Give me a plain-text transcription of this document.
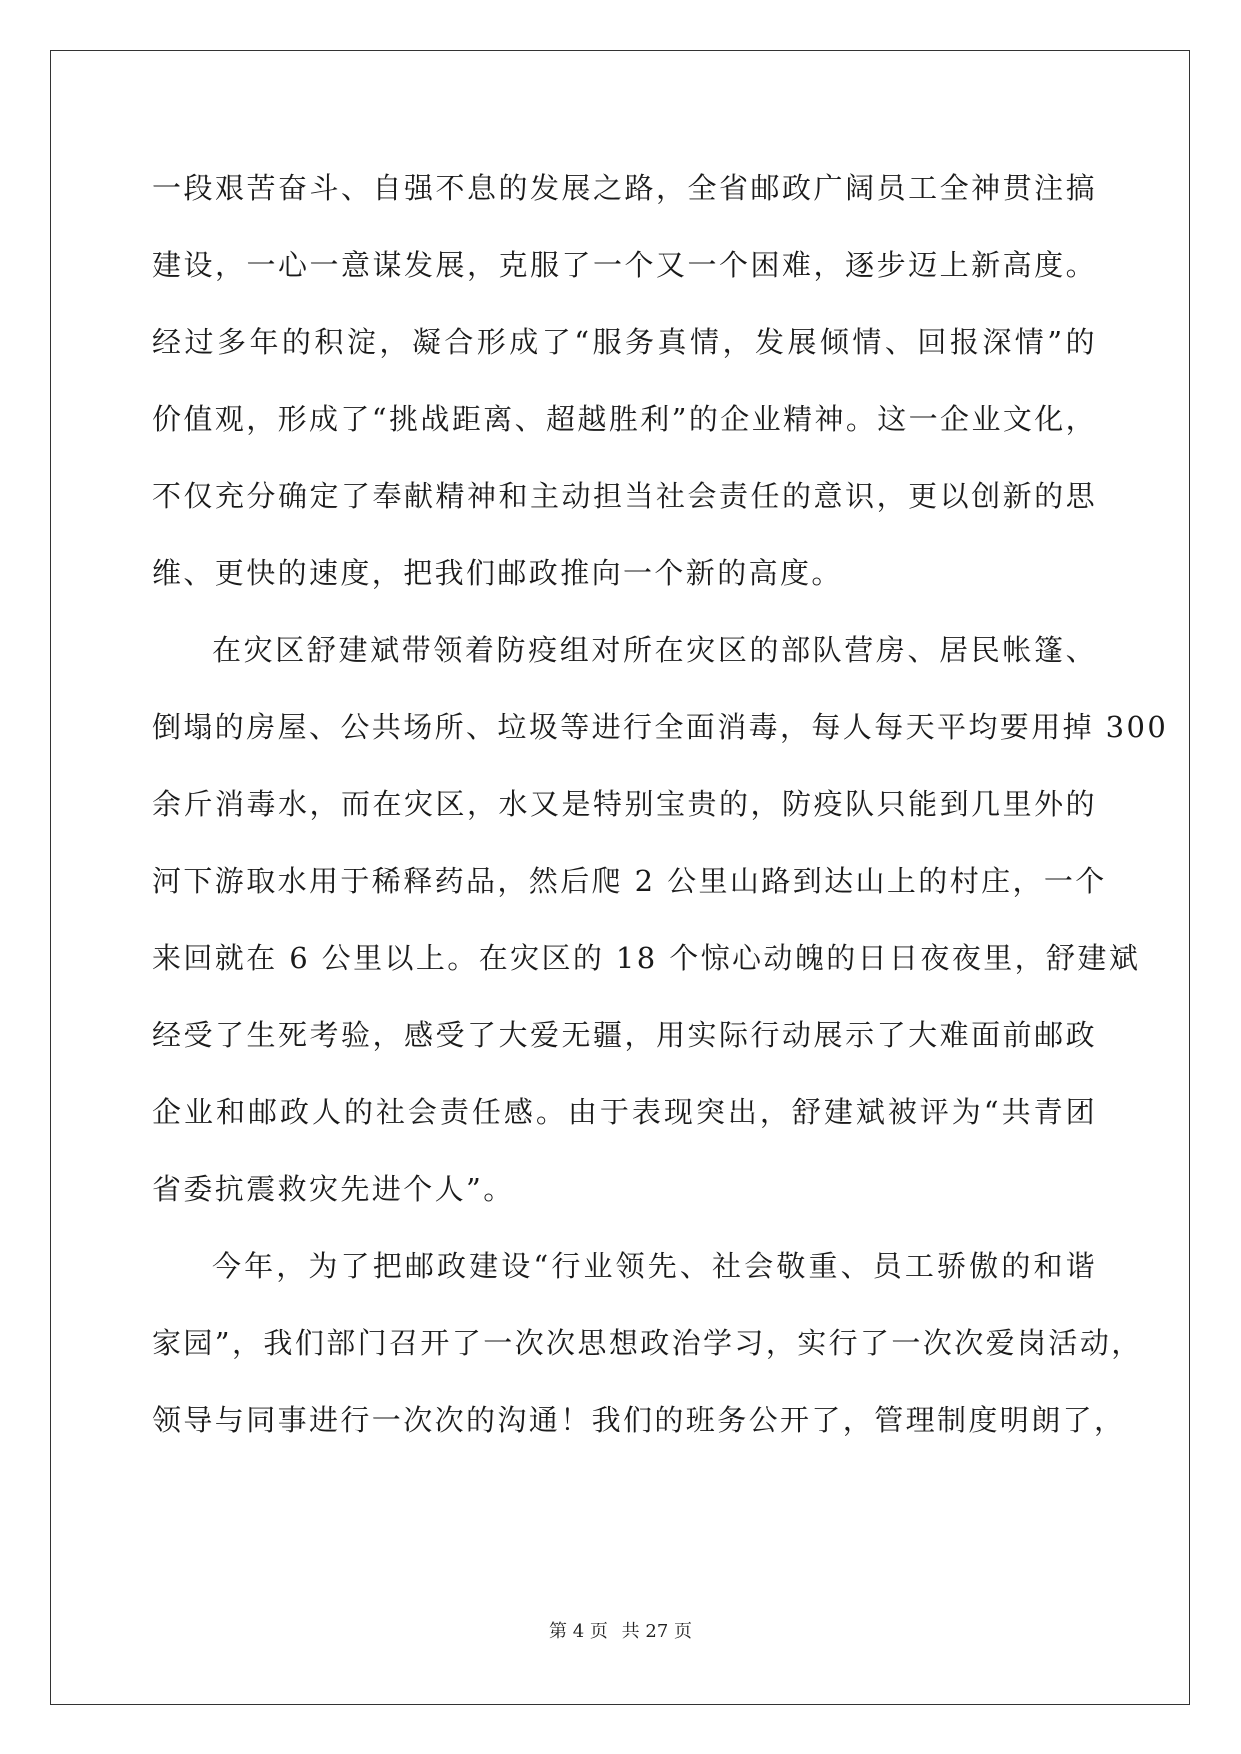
一段艰苦奋斗、自强不息的发展之路，全省邮政广阔员工全神贯注搞
建设，一心一意谋发展，克服了一个又一个困难，逐步迈上新高度。
经过多年的积淀，凝合形成了“服务真情，发展倾情、回报深情”的
价值观，形成了“挑战距离、超越胜利”的企业精神。这一企业文化，
不仅充分确定了奉献精神和主动担当社会责任的意识，更以创新的思
维、更快的速度，把我们邮政推向一个新的高度。
在灾区舒建斌带领着防疫组对所在灾区的部队营房、居民帐篷、
倒塌的房屋、公共场所、垃圾等进行全面消毒，每人每天平均要用掉 300
余斤消毒水，而在灾区，水又是特别宝贵的，防疫队只能到几里外的
河下游取水用于稀释药品，然后爬 2 公里山路到达山上的村庄，一个
来回就在 6 公里以上。在灾区的 18 个惊心动魄的日日夜夜里，舒建斌
经受了生死考验，感受了大爱无疆，用实际行动展示了大难面前邮政
企业和邮政人的社会责任感。由于表现突出，舒建斌被评为“共青团
省委抗震救灾先进个人”。
今年，为了把邮政建设“行业领先、社会敬重、员工骄傲的和谐
家园”，我们部门召开了一次次思想政治学习，实行了一次次爱岗活动，
领导与同事进行一次次的沟通！我们的班务公开了，管理制度明朗了，
第 4 页 共 27 页
